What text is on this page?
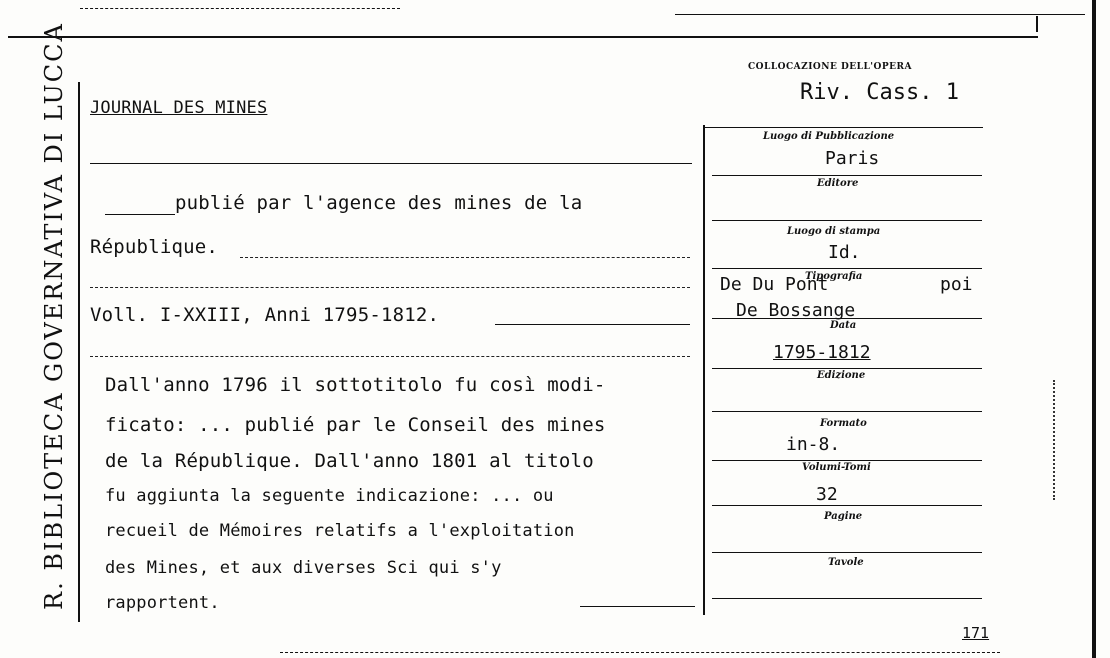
R. BIBLIOTECA GOVERNATIVA DI LUCCA	COLLOCAZIONE DELL'OPERA
Riv. Cass. 1
JOURNAL DES MINES
publié par l'agence des mines de la
République.
Voll. I-XXIII, Anni 1795-1812.
Dall'anno 1796 il sottotitolo fu così modi-
ficato: ... publié par le Conseil des mines
de la République. Dall'anno 1801 al titolo
fu aggiunta la seguente indicazione: ... ou
recueil de Mémoires relatifs a l'exploitation
des Mines, et aux diverses Sci qui s'y
rapportent.
Luogo di Pubblicazione
Paris
Editore
Luogo di stampa
Id.
Tipografia
De Du Pont	poi
De Bossange
Data
1795-1812
Edizione
Formato
in-8.
Volumi-Tomi
32
Pagine
Tavole
171
